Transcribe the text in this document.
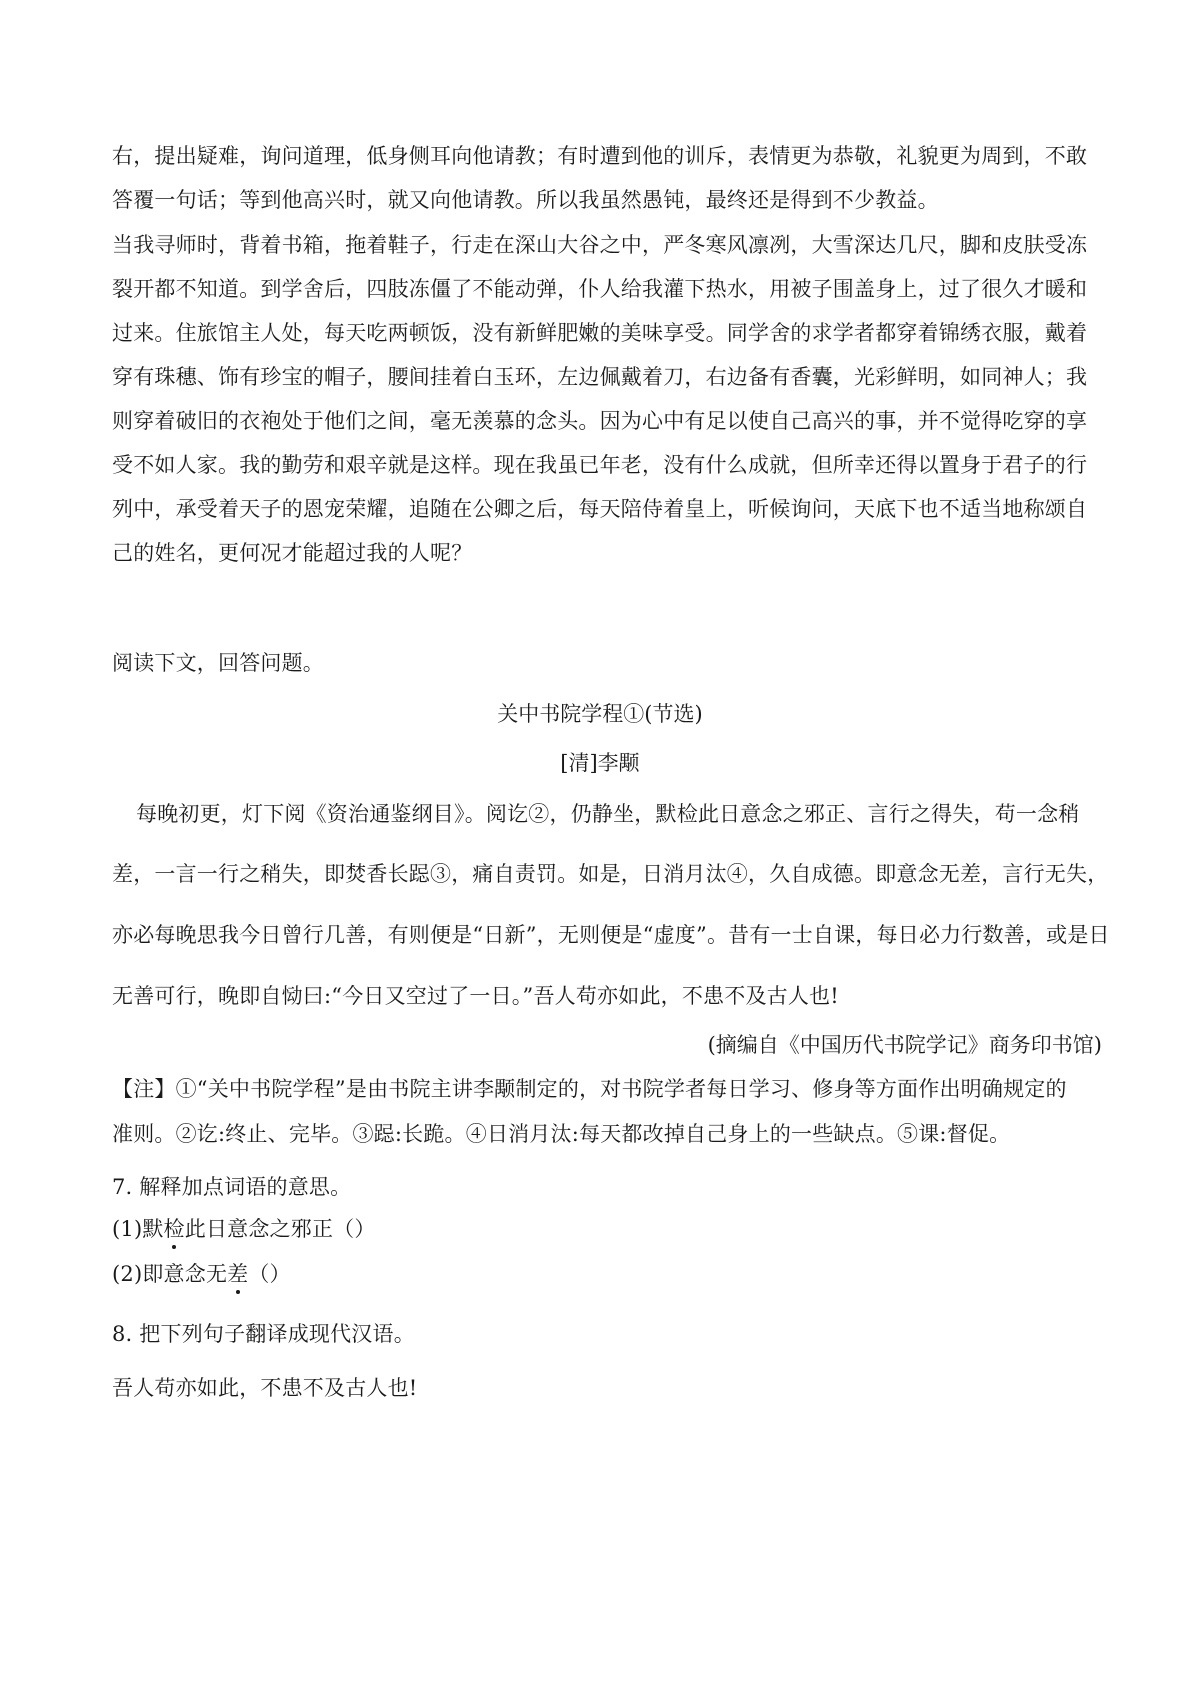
右，提出疑难，询问道理，低身侧耳向他请教；有时遭到他的训斥，表情更为恭敬，礼貌更为周到，不敢
答覆一句话；等到他高兴时，就又向他请教。所以我虽然愚钝，最终还是得到不少教益。
当我寻师时，背着书箱，拖着鞋子，行走在深山大谷之中，严冬寒风凛冽，大雪深达几尺，脚和皮肤受冻
裂开都不知道。到学舍后，四肢冻僵了不能动弹，仆人给我灌下热水，用被子围盖身上，过了很久才暖和
过来。住旅馆主人处，每天吃两顿饭，没有新鲜肥嫩的美味享受。同学舍的求学者都穿着锦绣衣服，戴着
穿有珠穗、饰有珍宝的帽子，腰间挂着白玉环，左边佩戴着刀，右边备有香囊，光彩鲜明，如同神人；我
则穿着破旧的衣袍处于他们之间，毫无羡慕的念头。因为心中有足以使自己高兴的事，并不觉得吃穿的享
受不如人家。我的勤劳和艰辛就是这样。现在我虽已年老，没有什么成就，但所幸还得以置身于君子的行
列中，承受着天子的恩宠荣耀，追随在公卿之后，每天陪侍着皇上，听候询问，天底下也不适当地称颂自
己的姓名，更何况才能超过我的人呢？
阅读下文，回答问题。
关中书院学程①(节选)
[清]李颙
每晚初更，灯下阅《资治通鉴纲目》。阅讫②，仍静坐，默检此日意念之邪正、言行之得失，苟一念稍
差，一言一行之稍失，即焚香长跽③，痛自责罚。如是，日消月汰④，久自成德。即意念无差，言行无失，
亦必每晚思我今日曾行几善，有则便是“日新”，无则便是“虚度”。昔有一士自课，每日必力行数善，或是日
无善可行，晚即自恸曰:“今日又空过了一日。”吾人苟亦如此，不患不及古人也!
(摘编自《中国历代书院学记》商务印书馆)
【注】①“关中书院学程”是由书院主讲李颙制定的，对书院学者每日学习、修身等方面作出明确规定的
准则。②讫:终止、完毕。③跽:长跪。④日消月汰:每天都改掉自己身上的一些缺点。⑤课:督促。
7. 解释加点词语的意思。
(1)默检此日意念之邪正（）
(2)即意念无差（）
8. 把下列句子翻译成现代汉语。
吾人苟亦如此，不患不及古人也!
